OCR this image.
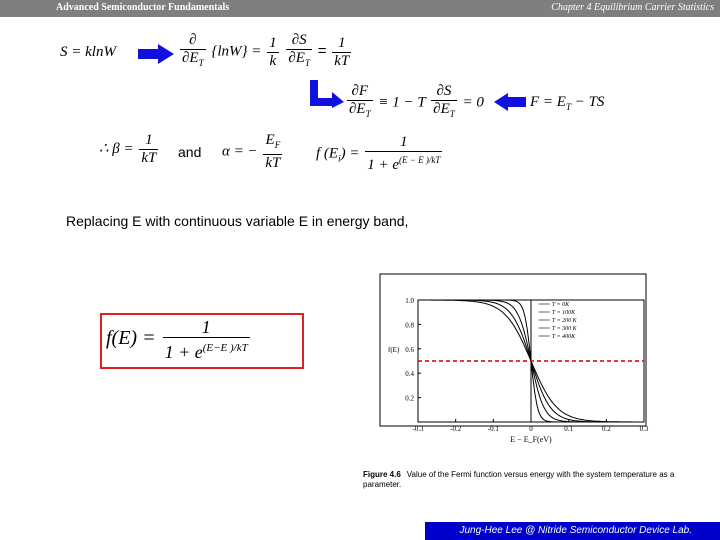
Advanced Semiconductor Fundamentals	Chapter 4 Equilibrium Carrier Statistics
S = klnW	$\frac{\partial}{\partial E_T} \{\ln W\} = \frac{1}{k}$
$\frac{\partial S}{\partial E_T} = \frac{1}{kT}$
$\frac{\partial F}{\partial E_T} \equiv 1 - T \frac{\partial S}{\partial E_T} = 0$	$F = E_T$ − TS
∴ $\beta = \frac{1}{kT}$ and α = − $\frac{E_F}{kT}$ f $(E_i) = \frac{1}{1 + e^{(E - E )/kT}}$
Replacing E with continuous variable E in energy band,
$f(E) = \frac{1}{1 + e^{(E-E )/kT}}$
0.2
0.4
0.6
0.8
1.0
-0.3	-0.2	-0.1	0	0.1	0.2	0.3
f(E)
E − E_F(eV)
T = 0K
T = 100K
T = 200 K
T = 300 K
T = 400K
Figure 4.6 Value of the Fermi function versus energy with the system temperature as a parameter.
Jung-Hee Lee @ Nitride Semiconductor Device Lab.
